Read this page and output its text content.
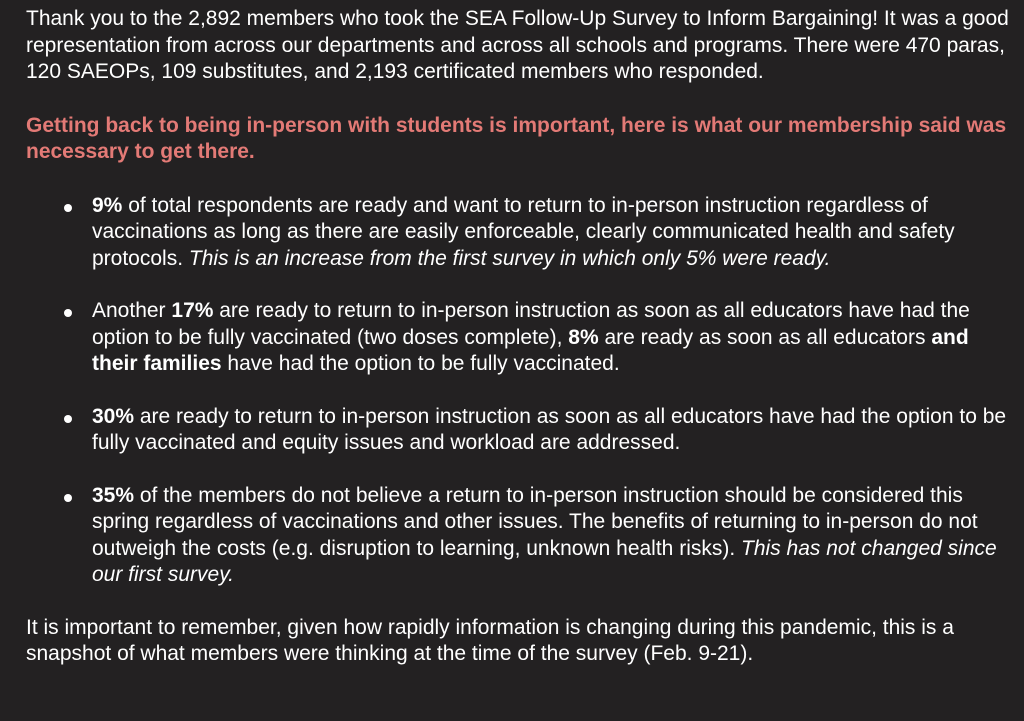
Thank you to the 2,892 members who took the SEA Follow-Up Survey to Inform Bargaining! It was a good representation from across our departments and across all schools and programs. There were 470 paras, 120 SAEOPs, 109 substitutes, and 2,193 certificated members who responded.

Getting back to being in-person with students is important, here is what our membership said was necessary to get there.

9% of total respondents are ready and want to return to in-person instruction regardless of vaccinations as long as there are easily enforceable, clearly communicated health and safety protocols. This is an increase from the first survey in which only 5% were ready.
Another 17% are ready to return to in-person instruction as soon as all educators have had the option to be fully vaccinated (two doses complete), 8% are ready as soon as all educators and their families have had the option to be fully vaccinated.
30% are ready to return to in-person instruction as soon as all educators have had the option to be fully vaccinated and equity issues and workload are addressed.
35% of the members do not believe a return to in-person instruction should be considered this spring regardless of vaccinations and other issues. The benefits of returning to in-person do not outweigh the costs (e.g. disruption to learning, unknown health risks). This has not changed since our first survey.

It is important to remember, given how rapidly information is changing during this pandemic, this is a snapshot of what members were thinking at the time of the survey (Feb. 9-21).
